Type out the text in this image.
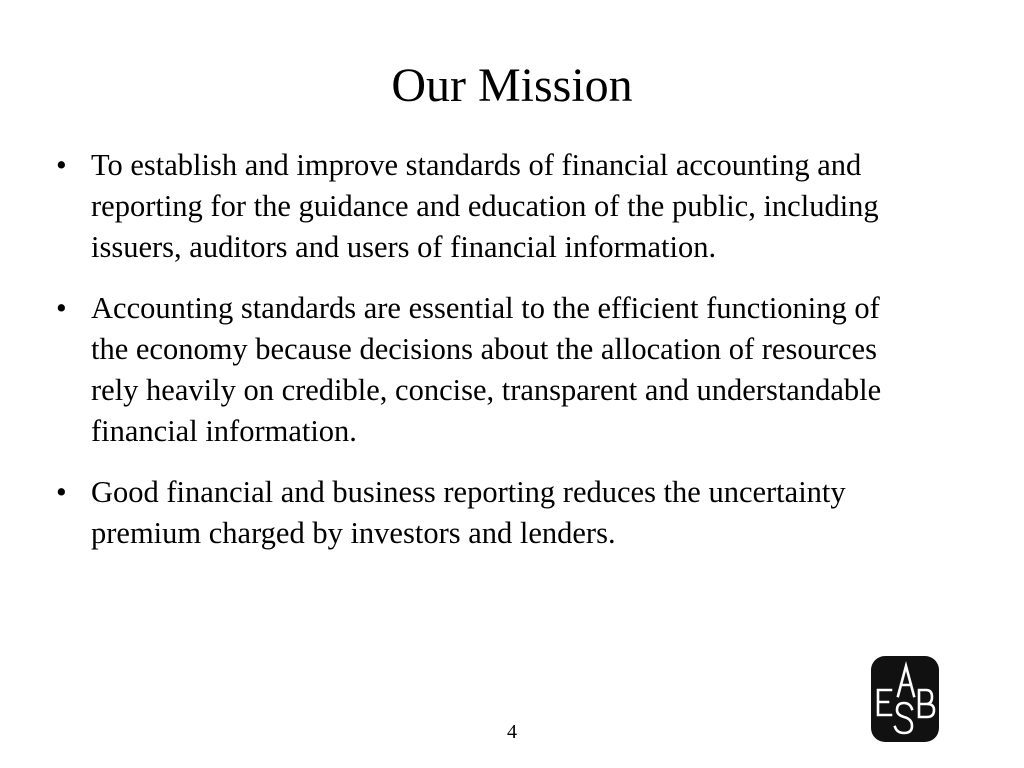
Our Mission
• To establish and improve standards of financial accounting and reporting for the guidance and education of the public, including issuers, auditors and users of financial information.
• Accounting standards are essential to the efficient functioning of the economy because decisions about the allocation of resources rely heavily on credible, concise, transparent and understandable financial information.
• Good financial and business reporting reduces the uncertainty premium charged by investors and lenders.
4
